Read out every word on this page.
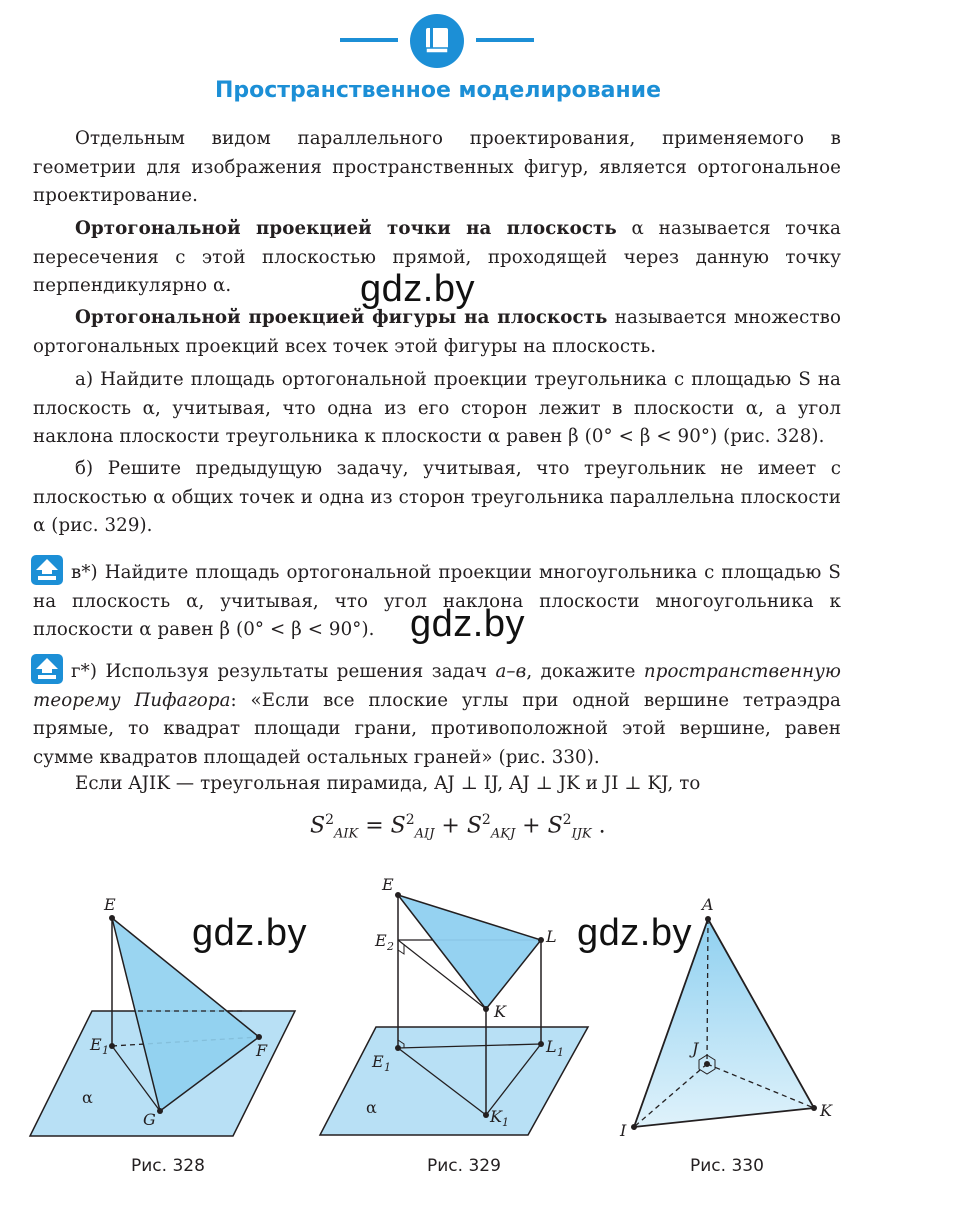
Пространственное моделирование
Отдельным видом параллельного проектирования, применяемого в геометрии для изображения пространственных фигур, является ортогональное проектирование.
Ортогональной проекцией точки на плоскость α называется точка пересечения с этой плоскостью прямой, проходящей через данную точку перпендикулярно α.	gdz.by
Ортогональной проекцией фигуры на плоскость называется множество ортогональных проекций всех точек этой фигуры на плоскость.
а) Найдите площадь ортогональной проекции треугольника с площадью S на плоскость α, учитывая, что одна из его сторон лежит в плоскости α, а угол наклона плоскости треугольника к плоскости α равен β (0° < β < 90°) (рис. 328).
б) Решите предыдущую задачу, учитывая, что треугольник не имеет с плоскостью α общих точек и одна из сторон треугольника параллельна плоскости α (рис. 329).
в*) Найдите площадь ортогональной проекции многоугольника с площадью S на плоскость α, учитывая, что угол наклона плоскости многоугольника к плоскости α равен β (0° < β < 90°). gdz.by
г*) Используя результаты решения задач а–в, докажите пространственную теорему Пифагора: «Если все плоские углы при одной вершине тетраэдра прямые, то квадрат площади грани, противоположной этой вершине, равен сумме квадратов площадей остальных граней» (рис. 330).
Если AJIK — треугольная пирамида, AJ ⊥ IJ, AJ ⊥ JK и JI ⊥ KJ, то
$S^2_{AIK} = S^2_{AIJ} + S^2_{AKJ} + S^2_{IJK}$ .
E
E 1	F
G
α
gdz.by
Рис. 328
E
E 2
L
K
E 1
L 1
K 1
α
Рис. 329
A
J
I
K
gdz.by
Рис. 330
